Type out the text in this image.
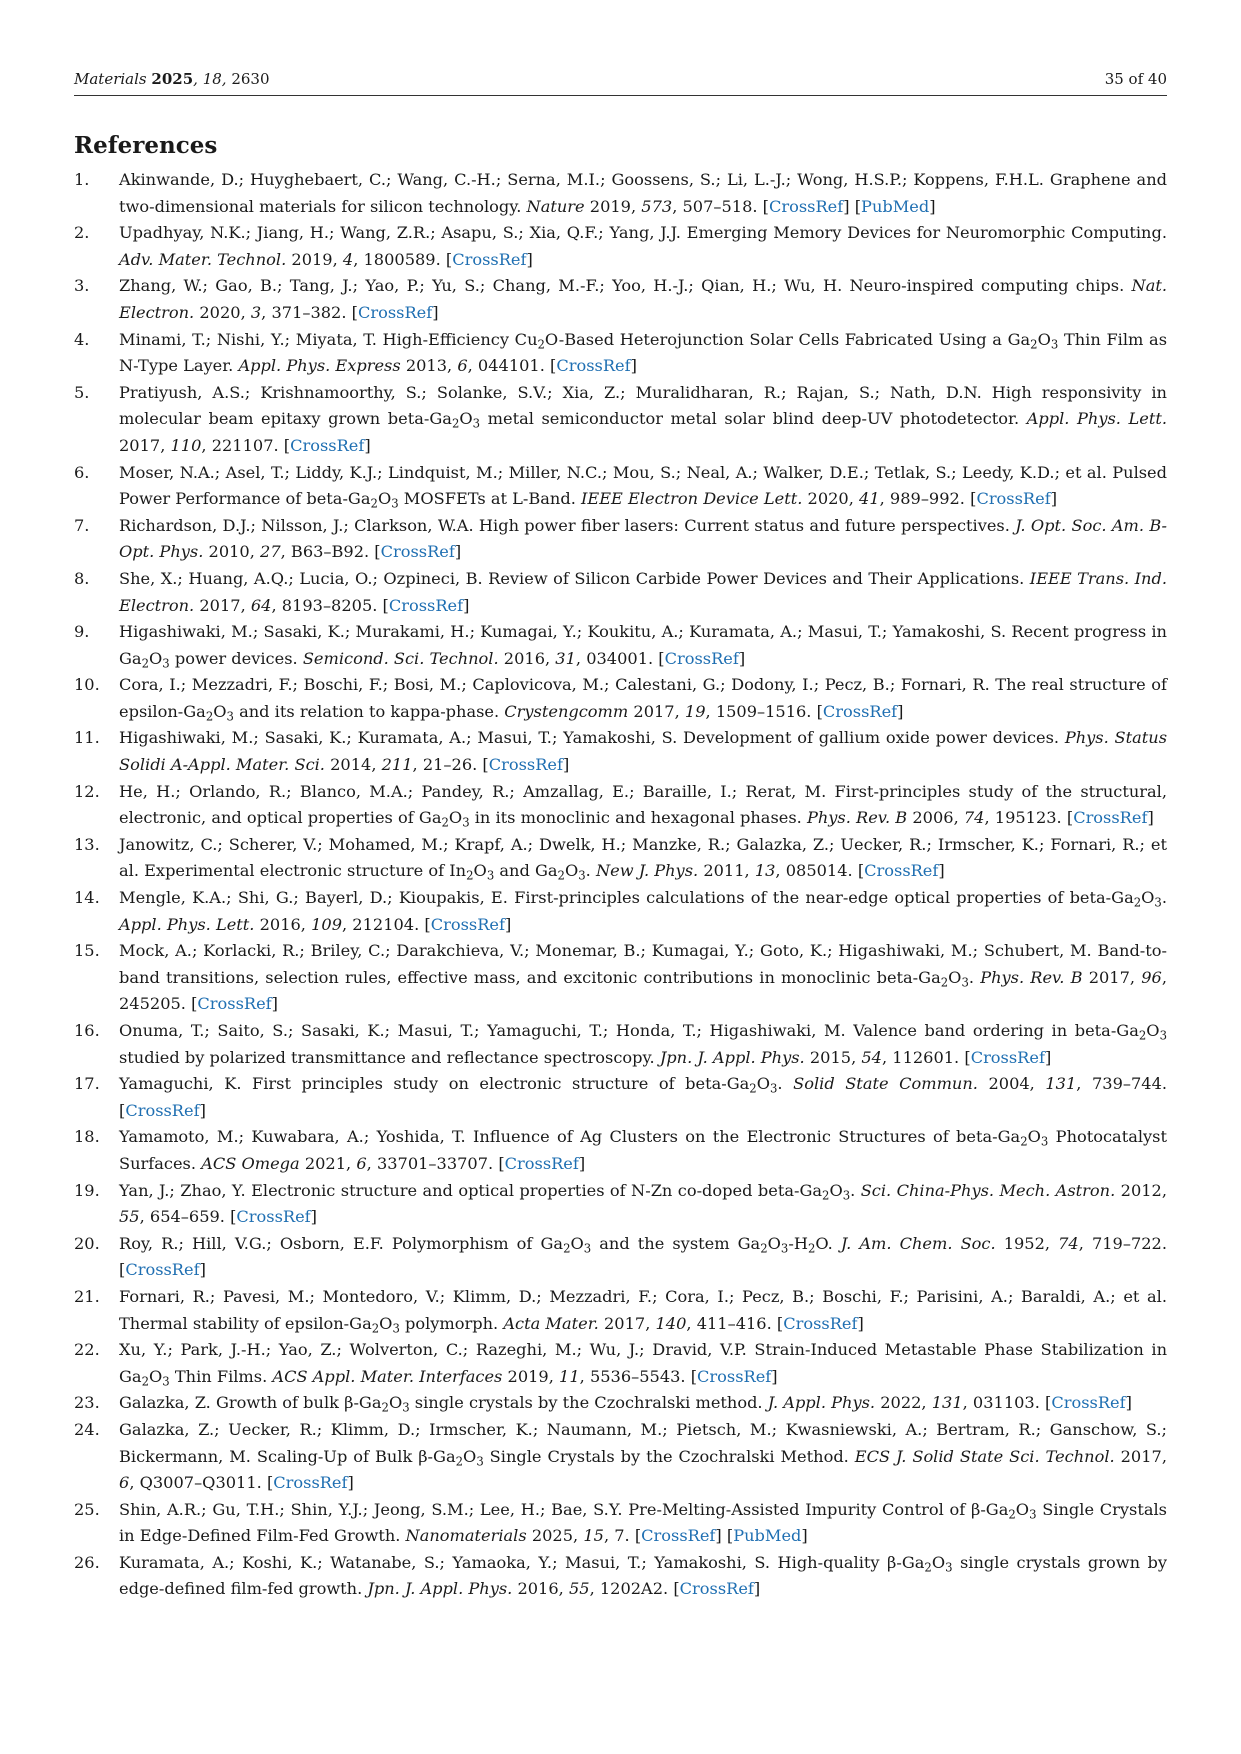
Materials 2025, 18, 2630	35 of 40
References
1. Akinwande, D.; Huyghebaert, C.; Wang, C.-H.; Serna, M.I.; Goossens, S.; Li, L.-J.; Wong, H.S.P.; Koppens, F.H.L. Graphene and two-dimensional materials for silicon technology. Nature 2019, 573, 507–518. [CrossRef] [PubMed]
2. Upadhyay, N.K.; Jiang, H.; Wang, Z.R.; Asapu, S.; Xia, Q.F.; Yang, J.J. Emerging Memory Devices for Neuromorphic Computing. Adv. Mater. Technol. 2019, 4, 1800589. [CrossRef]
3. Zhang, W.; Gao, B.; Tang, J.; Yao, P.; Yu, S.; Chang, M.-F.; Yoo, H.-J.; Qian, H.; Wu, H. Neuro-inspired computing chips. Nat. Electron. 2020, 3, 371–382. [CrossRef]
4. Minami, T.; Nishi, Y.; Miyata, T. High-Efficiency $Cu_2O$-Based Heterojunction Solar Cells Fabricated Using a $Ga_2O_3$ Thin Film as N-Type Layer. Appl. Phys. Express 2013, 6, 044101. [CrossRef]
5. Pratiyush, A.S.; Krishnamoorthy, S.; Solanke, S.V.; Xia, Z.; Muralidharan, R.; Rajan, S.; Nath, D.N. High responsivity in molecular beam epitaxy grown beta-$Ga_2O_3$ metal semiconductor metal solar blind deep-UV photodetector. Appl. Phys. Lett. 2017, 110, 221107. [CrossRef]
6. Moser, N.A.; Asel, T.; Liddy, K.J.; Lindquist, M.; Miller, N.C.; Mou, S.; Neal, A.; Walker, D.E.; Tetlak, S.; Leedy, K.D.; et al. Pulsed Power Performance of beta-$Ga_2O_3$ MOSFETs at L-Band. IEEE Electron Device Lett. 2020, 41, 989–992. [CrossRef]
7. Richardson, D.J.; Nilsson, J.; Clarkson, W.A. High power fiber lasers: Current status and future perspectives. J. Opt. Soc. Am. B-Opt. Phys. 2010, 27, B63–B92. [CrossRef]
8. She, X.; Huang, A.Q.; Lucia, O.; Ozpineci, B. Review of Silicon Carbide Power Devices and Their Applications. IEEE Trans. Ind. Electron. 2017, 64, 8193–8205. [CrossRef]
9. Higashiwaki, M.; Sasaki, K.; Murakami, H.; Kumagai, Y.; Koukitu, A.; Kuramata, A.; Masui, T.; Yamakoshi, S. Recent progress in $Ga_2O_3$ power devices. Semicond. Sci. Technol. 2016, 31, 034001. [CrossRef]
10. Cora, I.; Mezzadri, F.; Boschi, F.; Bosi, M.; Caplovicova, M.; Calestani, G.; Dodony, I.; Pecz, B.; Fornari, R. The real structure of epsilon-$Ga_2O_3$ and its relation to kappa-phase. Crystengcomm 2017, 19, 1509–1516. [CrossRef]
11. Higashiwaki, M.; Sasaki, K.; Kuramata, A.; Masui, T.; Yamakoshi, S. Development of gallium oxide power devices. Phys. Status Solidi A-Appl. Mater. Sci. 2014, 211, 21–26. [CrossRef]
12. He, H.; Orlando, R.; Blanco, M.A.; Pandey, R.; Amzallag, E.; Baraille, I.; Rerat, M. First-principles study of the structural, electronic, and optical properties of $Ga_2O_3$ in its monoclinic and hexagonal phases. Phys. Rev. B 2006, 74, 195123. [CrossRef]
13. Janowitz, C.; Scherer, V.; Mohamed, M.; Krapf, A.; Dwelk, H.; Manzke, R.; Galazka, Z.; Uecker, R.; Irmscher, K.; Fornari, R.; et al. Experimental electronic structure of $In_2O_3$ and $Ga_2O_3$. New J. Phys. 2011, 13, 085014. [CrossRef]
14. Mengle, K.A.; Shi, G.; Bayerl, D.; Kioupakis, E. First-principles calculations of the near-edge optical properties of beta-$Ga_2O_3$. Appl. Phys. Lett. 2016, 109, 212104. [CrossRef]
15. Mock, A.; Korlacki, R.; Briley, C.; Darakchieva, V.; Monemar, B.; Kumagai, Y.; Goto, K.; Higashiwaki, M.; Schubert, M. Band-to-band transitions, selection rules, effective mass, and excitonic contributions in monoclinic beta-$Ga_2O_3$. Phys. Rev. B 2017, 96, 245205. [CrossRef]
16. Onuma, T.; Saito, S.; Sasaki, K.; Masui, T.; Yamaguchi, T.; Honda, T.; Higashiwaki, M. Valence band ordering in beta-$Ga_2O_3$ studied by polarized transmittance and reflectance spectroscopy. Jpn. J. Appl. Phys. 2015, 54, 112601. [CrossRef]
17. Yamaguchi, K. First principles study on electronic structure of beta-$Ga_2O_3$. Solid State Commun. 2004, 131, 739–744. [CrossRef]
18. Yamamoto, M.; Kuwabara, A.; Yoshida, T. Influence of Ag Clusters on the Electronic Structures of beta-$Ga_2O_3$ Photocatalyst Surfaces. ACS Omega 2021, 6, 33701–33707. [CrossRef]
19. Yan, J.; Zhao, Y. Electronic structure and optical properties of N-Zn co-doped beta-$Ga_2O_3$. Sci. China-Phys. Mech. Astron. 2012, 55, 654–659. [CrossRef]
20. Roy, R.; Hill, V.G.; Osborn, E.F. Polymorphism of $Ga_2O_3$ and the system $Ga_2O_3-H_2O$. J. Am. Chem. Soc. 1952, 74, 719–722. [CrossRef]
21. Fornari, R.; Pavesi, M.; Montedoro, V.; Klimm, D.; Mezzadri, F.; Cora, I.; Pecz, B.; Boschi, F.; Parisini, A.; Baraldi, A.; et al. Thermal stability of epsilon-$Ga_2O_3$ polymorph. Acta Mater. 2017, 140, 411–416. [CrossRef]
22. Xu, Y.; Park, J.-H.; Yao, Z.; Wolverton, C.; Razeghi, M.; Wu, J.; Dravid, V.P. Strain-Induced Metastable Phase Stabilization in $Ga_2O_3$ Thin Films. ACS Appl. Mater. Interfaces 2019, 11, 5536–5543. [CrossRef]
23. Galazka, Z. Growth of bulk $\beta-Ga_2O_3$ single crystals by the Czochralski method. J. Appl. Phys. 2022, 131, 031103. [CrossRef]
24. Galazka, Z.; Uecker, R.; Klimm, D.; Irmscher, K.; Naumann, M.; Pietsch, M.; Kwasniewski, A.; Bertram, R.; Ganschow, S.; Bickermann, M. Scaling-Up of Bulk $\beta-Ga_2O_3$ Single Crystals by the Czochralski Method. ECS J. Solid State Sci. Technol. 2017, 6, Q3007–Q3011. [CrossRef]
25. Shin, A.R.; Gu, T.H.; Shin, Y.J.; Jeong, S.M.; Lee, H.; Bae, S.Y. Pre-Melting-Assisted Impurity Control of $\beta-Ga_2O_3$ Single Crystals in Edge-Defined Film-Fed Growth. Nanomaterials 2025, 15, 7. [CrossRef] [PubMed]
26. Kuramata, A.; Koshi, K.; Watanabe, S.; Yamaoka, Y.; Masui, T.; Yamakoshi, S. High-quality $\beta-Ga_2O_3$ single crystals grown by edge-defined film-fed growth. Jpn. J. Appl. Phys. 2016, 55, 1202A2. [CrossRef]
